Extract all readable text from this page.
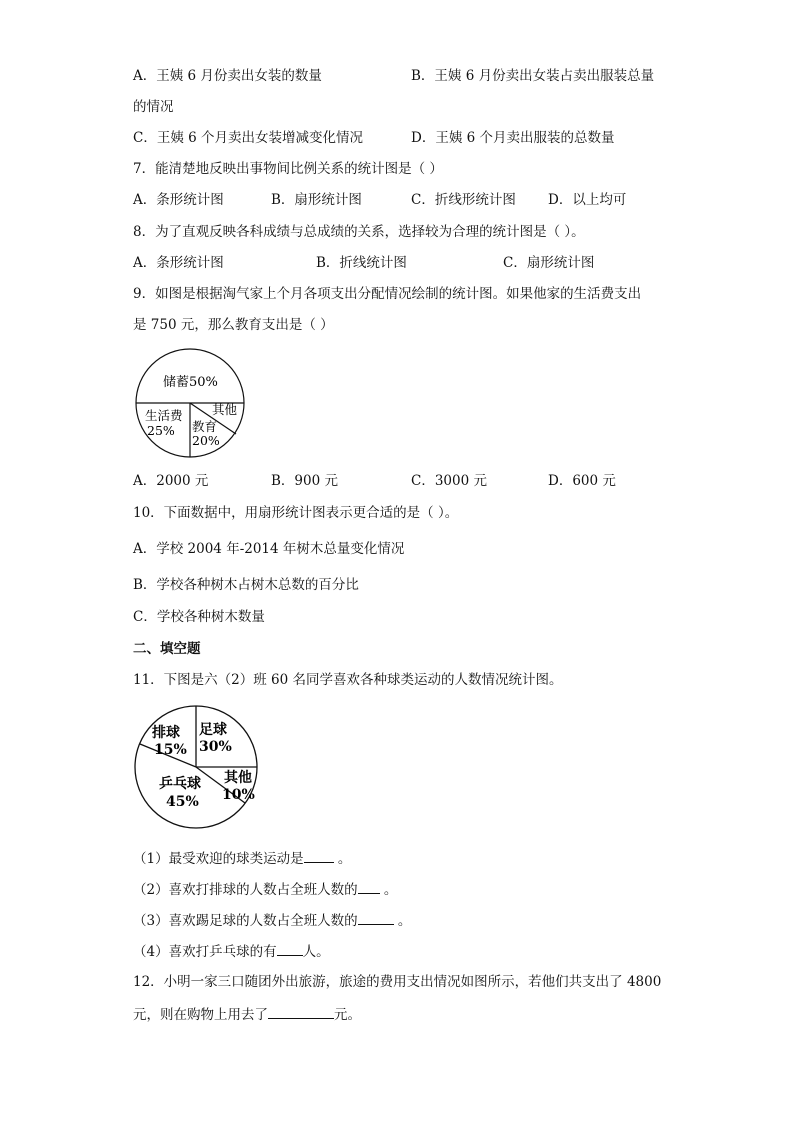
A．王姨 6 月份卖出女装的数量	B．王姨 6 月份卖出女装占卖出服装总量
的情况
C．王姨 6 个月卖出女装增减变化情况	D．王姨 6 个月卖出服装的总数量
7．能清楚地反映出事物间比例关系的统计图是（ ）
A．条形统计图	B．扇形统计图	C．折线形统计图 D．以上均可
8．为了直观反映各科成绩与总成绩的关系，选择较为合理的统计图是（ ）。
A．条形统计图	B．折线统计图	C．扇形统计图
9．如图是根据淘气家上个月各项支出分配情况绘制的统计图。如果他家的生活费支出
是 750 元，那么教育支出是（ ）
储蓄50%
生活费
25%
其他
教育
20%
A．2000 元	B．900 元	C．3000 元	D．600 元
10．下面数据中，用扇形统计图表示更合适的是（ ）。
A．学校 2004 年-2014 年树木总量变化情况
B．学校各种树木占树木总数的百分比
C．学校各种树木数量
二、填空题
11．下图是六（2）班 60 名同学喜欢各种球类运动的人数情况统计图。
排球
15%
足球
30%
其他
10%
乒乓球
45%
（1）最受欢迎的球类运动是 。
（2）喜欢打排球的人数占全班人数的 。
（3）喜欢踢足球的人数占全班人数的	。
（4）喜欢打乒乓球的有 人。
12．小明一家三口随团外出旅游，旅途的费用支出情况如图所示，若他们共支出了 4800
元，则在购物上用去了	元。
